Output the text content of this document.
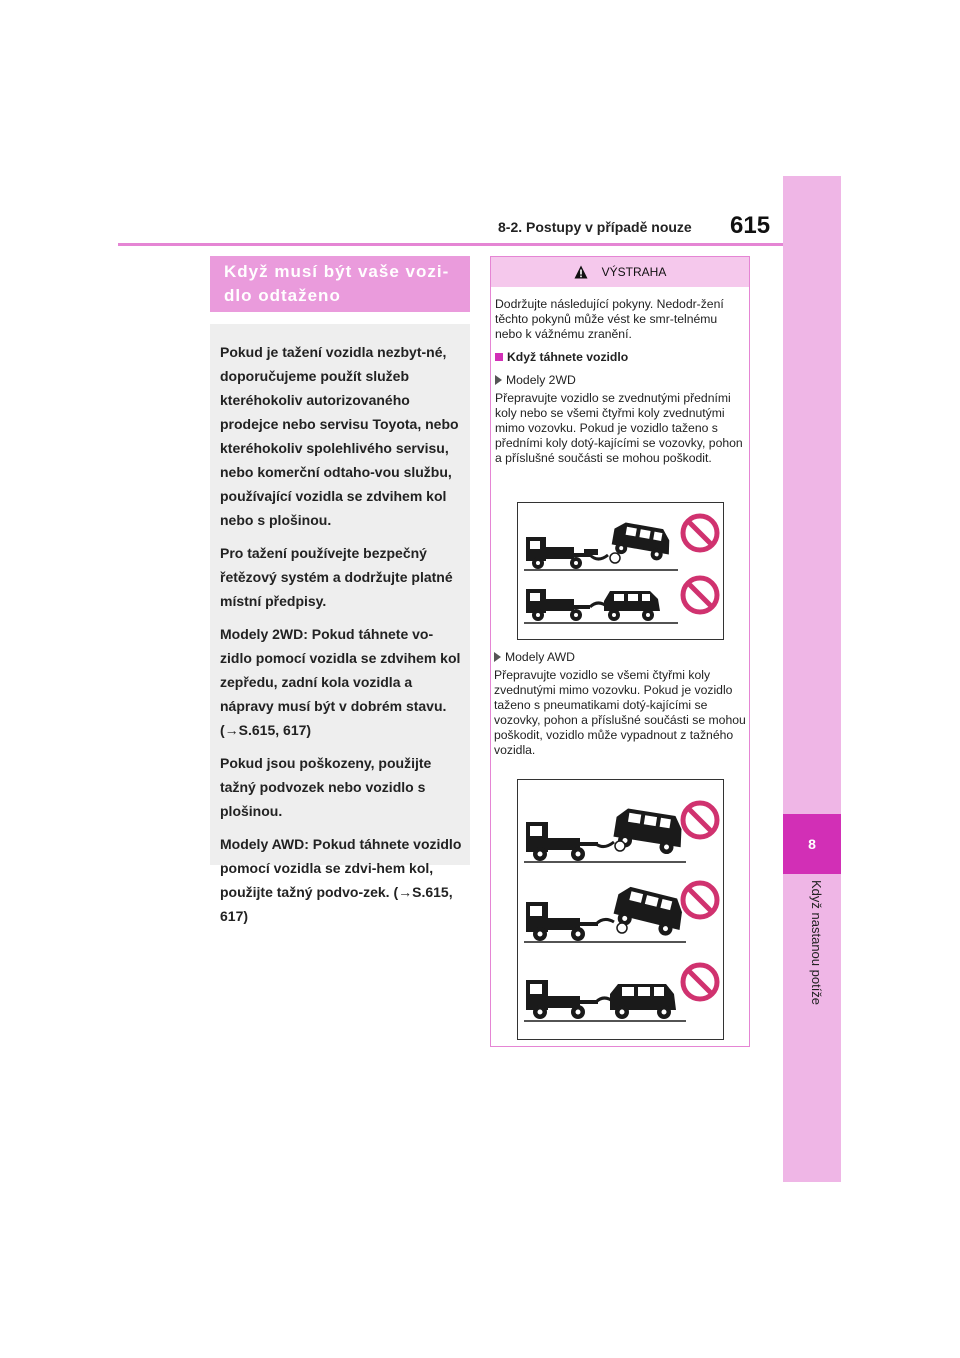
8
Když nastanou potíže
8-2. Postupy v případě nouze 615
Když musí být vaše vozi-dlo odtaženo

Pokud je tažení vozidla nezbyt-né, doporučujeme použít služeb kteréhokoliv autorizovaného prodejce nebo servisu Toyota, nebo kteréhokoliv spolehlivého servisu, nebo komerční odtaho-vou službu, používající vozidla se zdvihem kol nebo s plošinou.

Pro tažení používejte bezpečný řetězový systém a dodržujte platné místní předpisy.

Modely 2WD: Pokud táhnete vo-zidlo pomocí vozidla se zdvihem kol zepředu, zadní kola vozidla a nápravy musí být v dobrém stavu. (→S.615, 617)

Pokud jsou poškozeny, použijte tažný podvozek nebo vozidlo s plošinou.

Modely AWD: Pokud táhnete vozidlo pomocí vozidla se zdvi-hem kol, použijte tažný podvo-zek. (→S.615, 617)

VÝSTRAHA

Dodržujte následující pokyny. Nedodr-žení těchto pokynů může vést ke smr-telnému nebo k vážnému zranění.

Když táhnete vozidlo

Modely 2WD

Přepravujte vozidlo se zvednutými předními koly nebo se všemi čtyřmi koly zvednutými mimo vozovku. Pokud je vozidlo taženo s předními koly dotý-kajícími se vozovky, pohon a příslušné součásti se mohou poškodit.

Modely AWD

Přepravujte vozidlo se všemi čtyřmi koly zvednutými mimo vozovku. Pokud je vozidlo taženo s pneumatikami dotý-kajícími se vozovky, pohon a příslušné součásti se mohou poškodit, vozidlo může vypadnout z tažného vozidla.
